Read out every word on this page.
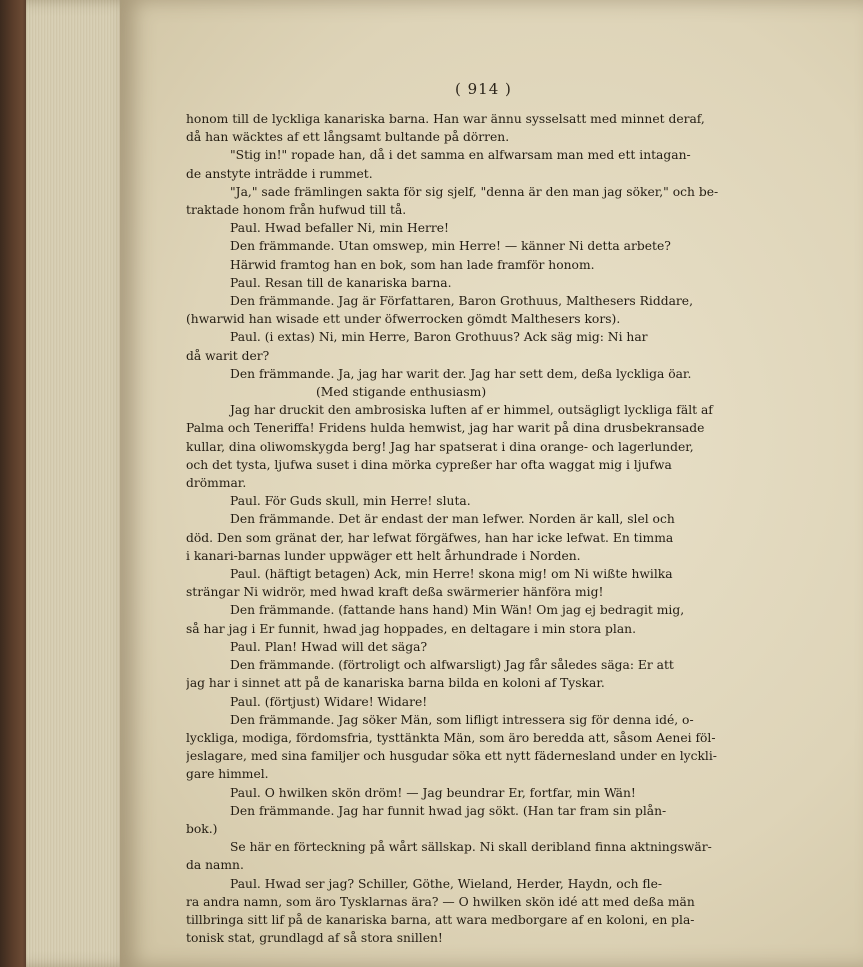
( 914 )
honom till de lyckliga kanariska barna. Han war ännu sysselsatt med minnet deraf,
då han wäcktes af ett långsamt bultande på dörren.
"Stig in!" ropade han, då i det samma en alfwarsam man med ett intagan-
de anstyte inträdde i rummet.
"Ja," sade främlingen sakta för sig sjelf, "denna är den man jag söker," och be-
traktade honom från hufwud till tå.
Paul. Hwad befaller Ni, min Herre!
Den främmande. Utan omswep, min Herre! — känner Ni detta arbete?
Härwid framtog han en bok, som han lade framför honom.
Paul. Resan till de kanariska barna.
Den främmande. Jag är Författaren, Baron Grothuus, Malthesers Riddare,
(hwarwid han wisade ett under öfwerrocken gömdt Malthesers kors).
Paul. (i extas) Ni, min Herre, Baron Grothuus? Ack säg mig: Ni har
då warit der?
Den främmande. Ja, jag har warit der. Jag har sett dem, deßa lyckliga öar.
(Med stigande enthusiasm)
Jag har druckit den ambrosiska luften af er himmel, outsägligt lyckliga fält af
Palma och Teneriffa! Fridens hulda hemwist, jag har warit på dina drusbekransade
kullar, dina oliwomskygda berg! Jag har spatserat i dina orange- och lagerlunder,
och det tysta, ljufwa suset i dina mörka cypreßer har ofta waggat mig i ljufwa
drömmar.
Paul. För Guds skull, min Herre! sluta.
Den främmande. Det är endast der man lefwer. Norden är kall, slel och
död. Den som gränat der, har lefwat förgäfwes, han har icke lefwat. En timma
i kanari-barnas lunder uppwäger ett helt århundrade i Norden.
Paul. (häftigt betagen) Ack, min Herre! skona mig! om Ni wißte hwilka
strängar Ni widrör, med hwad kraft deßa swärmerier hänföra mig!
Den främmande. (fattande hans hand) Min Wän! Om jag ej bedragit mig,
så har jag i Er funnit, hwad jag hoppades, en deltagare i min stora plan.
Paul. Plan! Hwad will det säga?
Den främmande. (förtroligt och alfwarsligt) Jag får således säga: Er att
jag har i sinnet att på de kanariska barna bilda en koloni af Tyskar.
Paul. (förtjust) Widare! Widare!
Den främmande. Jag söker Män, som lifligt intressera sig för denna idé, o-
lyckliga, modiga, fördomsfria, tysttänkta Män, som äro beredda att, såsom Aenei föl-
jeslagare, med sina familjer och husgudar söka ett nytt fädernesland under en lyckli-
gare himmel.
Paul. O hwilken skön dröm! — Jag beundrar Er, fortfar, min Wän!
Den främmande. Jag har funnit hwad jag sökt. (Han tar fram sin plån-
bok.)
Se här en förteckning på wårt sällskap. Ni skall deribland finna aktningswär-
da namn.
Paul. Hwad ser jag? Schiller, Göthe, Wieland, Herder, Haydn, och fle-
ra andra namn, som äro Tysklarnas ära? — O hwilken skön idé att med deßa män
tillbringa sitt lif på de kanariska barna, att wara medborgare af en koloni, en pla-
tonisk stat, grundlagd af så stora snillen!
